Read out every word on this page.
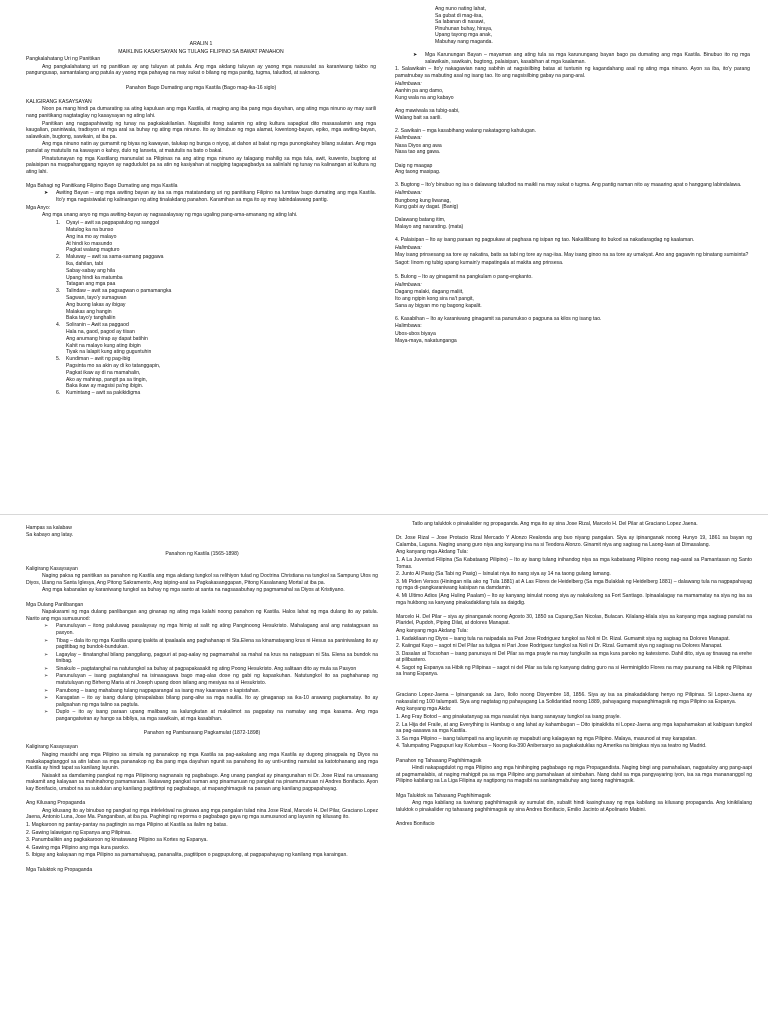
ARALIN 1
MAIKLING KASAYSAYAN NG TULANG FILIPINO SA BAWAT PANAHON
Pangkalahatang Uri ng Panitikan
Ang pangkalahatang uri ng panitikan ay ang tuluyan at patula. Ang mga akdang tuluyan ay yaong mga nasusulat sa karaniwang takbo ng pangungusap, samantalang ang patula ay yaong mga pahayag na may sukat o bilang ng mga pantig, tugma, taludtod, at saknong.
Panahon Bago Dumating ang mga Kastila (Bago mag-ika-16 siglo)
KALIGIRANG KASAYSAYAN
Noon pa mang hindi pa dumarating sa ating kapuluan ang mga Kastila, at maging ang iba pang mga dayuhan, ang ating mga ninuno ay may sarili nang panitikang nagtataglay ng kasaysayan ng ating lahi.
Panitikan ang nagpapahiwatig ng tunay na pagkakakilanlan. Nagsisilbi itong salamin ng ating kultura sapagkat dito masasalamin ang mga kaugalian, paniniwala, tradisyon at mga aral sa buhay ng ating mga ninuno. Ito ay binubuo ng mga alamat, kwentong-bayan, epiko, mga awiting-bayan, salawikain, bugtong, sawikain, at iba pa.
Ang mga ninuno natin ay gumamit ng biyas ng kawayan, talukap ng bunga o niyog, at dahon at balat ng mga punongkahoy bilang sulatan. Ang mga panulat ay matutulis na kawayan o kahoy, dulo ng lanseta, at matutulis na bato o bakal.
Pinatutunayan ng mga Kastilang manunulat sa Pilipinas na ang ating mga ninuno ay talagang mahilig sa mga tula, awit, kuwento, bugtong at palaisipan na magpahanggang ngayon ay nagdudulot pa sa atin ng kasiyahan at nagiging tagapagbadya sa salinlahi ng tunay na kalinangan at kultura ng ating lahi.
Mga Bahagi ng Panitikang Filipino Bago Dumating ang mga Kastila
➤ Awiting Bayan – ang mga awiting bayan ay isa sa mga matatandang uri ng panitikang Filipino na lumitaw bago dumating ang mga Kastila. Ito'y mga nagsisiwalat ng kalinangan ng ating tinalakdang panahon. Karamihan sa mga ito ay may labindalawang pantig.
Mga Anyo:
Ang mga unang anyo ng mga awiting-bayan ay nagsasalaysay ng mga ugaling pang-ama-amanang ng ating lahi.
1. Oyayi – awit sa pagpapatulog ng sanggol
Matulog ka na bunso
Ang ina mo ay malayo
At hindi ko masundo
Pagkat walang magturo
2. Maluway – awit sa sama-samang paggawa
Ika, dahilan, tabi
Sabay-sabay ang hila
Upang hindi ka matumba
Tatagan ang mga paa
3. Talindaw – awit sa pagsagwan o pamamangka
Sagwan, tayo'y sumagwan
Ang buong lakas ay ibigay
Malakas ang hangin
Baka tayo'y tanghaliin
4. Soliranin – Awit sa paggaod
Hala na, gaod, pagod ay tiisan
Ang anumang hirap ay dapat batihin
Kahit na malayo kung ating ibigin
Tiyak na lalapit kung ating guguntuhin
5. Kundiman – awit ng pag-ibig
Pagsinta mo sa akin ay di ko tatanggapin,
Pagkat ikaw ay di na mamahalin,
Ako ay mahirap, pangit pa sa tingin,
Baka ikaw ay magsisi pa'ng ibigin.
6. Kumintang – awit sa pakikidigma
Ang nuno nating lahat,
Sa gubat di mag-iisa,
Sa labanan di nasawi,
Pinuhunan buhay, hiraya,
Upang tayong mga anak,
Mabuhay nang maganda.
➤ Mga Karunungan Bayan – mayaman ang ating tula sa mga karunungang bayan bago pa dumating ang mga Kastila. Binubuo ito ng mga salawikain, sawikain, bugtong, palaisipan, kasabihan at mga kaalaman.
1. Salawikain – Ito'y nakagawian nang sabihin at nagsisilbing batas at tuntunin ng kagandahang asal ng ating mga ninuno. Ayon sa iba, ito'y parang pamatnubay sa mabuting asal ng isang tao. Ito ang nagsisilbing gabay na pang-aral.
Halimbawa:
Aanhin pa ang damo,
Kung wala na ang kabayo
Ang mawiwala sa tubig-sabi,
Walang bait sa sarili.
2. Sawikain – mga kasabihang walang nakatagong kahulugan.
Halimbawa:
Nasa Diyos ang awa
Nasa tao ang gawa.
Daig ng maagap
Ang taong masipag.
3. Bugtong – Ito'y binubuo ng isa o dalawang taludtod na maikli na may sukat o tugma. Ang pantig naman nito ay maaaring apat o hanggang labindalawa.
Halimbawa:
Bungbong kung liwanag,
Kung gabi ay dagat. (Banig)
Dalawang batang itim,
Malayo ang nararating. (mata)
4. Palaisipan – Ito ay isang paraan ng pagpukaw at paghasa ng isipan ng tao. Nakalilibang ito bukod sa nakadaragdag ng kaalaman.
Halimbawa:
May isang prinsesang sa tore ay nakatira, batis sa tabi ng tore ay nag-iisa. May isang ginoo na sa tore ay umakyat. Ano ang gagawin ng binatang sumisinta?
Sagot: Iinom ng tubig upang kumain'y mapatingala at makita ang prinsesa.
5. Bulong – Ito ay ginagamit na pangkulam o pang-engkanto.
Halimbawa:
Dagang malaki, dagang maliit,
Ito ang ngipin kong sira na't pangit,
Sana ay bigyan mo ng bagong kapalit.
6. Kasabihan – Ito ay karaniwang ginagamit sa panunukso o pagpuna sa kilos ng isang tao.
Halimbawa:
Ubos-ubos biyaya
Maya-maya, nakatunganga
Hampas sa kalabaw
Sa kabayo ang latay.
Panahon ng Kastila (1565-1898)
Kaligirang Kasaysayan
Naging paksa ng panitikan sa panahon ng Kastila ang mga akdang tungkol sa relihiyon tulad ng Doctrina Christiana na tungkol sa Sampung Utos ng Diyos, Ulang na Santa Iglesya, Ang Pitong Sakramento, Ang isiping-aral sa Pagkakasanggapan, Pitong Kasalanang Mortal at iba pa.
Ang mga kabanalan ay karaniwang tungkol sa buhay ng mga santo at santa na nagsasabuhay ng pagmamahal sa Diyos at Kristiyano.
Mga Dulang Panlibangan
Napakarami ng mga dulang panlibangan ang ginanap ng ating mga kalahi noong panahon ng Kastila. Halos lahat ng mga dulang ito ay patula. Narito ang mga sumusunod:
➢ Panunuluyan – itong paluluwag pasalaysay ng mga himig at salit ng ating Panginoong Hesukristo. Mahalagang aral ang natatagpuan sa paxyon.
➢ Tibag – dala ito ng mga Kastila upang ipakita at ipaalaala ang paghahanap ni Sta.Elena sa kinamatayang krus ni Hesus sa paniniwalang ito ay pagtitibag ng bundok-bundukan.
➢ Lagaylay – itinatanghal bilang panggilang, pagpuri at pag-aalay ng pagmamahal sa mahal na krus na natagpuan ni Sta. Elena sa bundok na tinibag.
➢ Sinakulo – pagtatanghal na natutungkol sa buhay at pagpapakasakit ng ating Poong Hesukristo. Ang salitaan dito ay mula sa Pasyon
➢ Panunuluyan – isang pagtatanghal na isinasagawa bago mag-alas dose ng gabi ng kapaskuhan. Natutungkol ito sa paghahanap ng matutuluyan ng Birheng Maria at ni Joseph upang doon isilang ang mesiyas na si Hesukristo.
➢ Panubong – isang mahabang tulang nagpaparangal sa isang may kaarawan o kapistahan.
➢ Karagatan – ito ay isang dulang ipinapalabas bilang pang-aliw sa mga naulila. Ito ay ginaganap sa ika-10 arawang pagkamatay. Ito ay paligsahan ng mga talino sa pagtula.
➢ Duplo – ito ay isang paraan upang malibang sa kalungkutan at makalimot sa pagpatay na namatay ang mga kasama. Ang mga pangangatwiran ay hango sa bibliya, sa mga sawikain, at mga kasabihan.
Panahon ng Pambansang Pagkamulat (1872-1898)
Kaligirang Kasaysayan
Naging masidhi ang mga Pilipino sa simula ng pananakop ng mga Kastila sa pag-aakalang ang mga Kastila ay dugong pinagpala ng Diyos na makakapagtanggol sa atin laban sa mga pananakop ng iba pang mga dayuhan ngunit sa panahong ito ay unti-unting namulat sa katotohanang ang mga Kastila ay hindi tapat sa kanilang layunin.
Naisakit sa damdaming pangkat ng mga Pilipinong nagnanais ng pagbabago. Ang unang pangkat ay pinangunahan ni Dr. Jose Rizal na umaasang makamit ang kalayaan sa mahinahong pamamaraan. Ikalawang pangkat naman ang pinamunuan ng pangkat na pinamumunuan ni Andres Bonifacio. Ayon kay Bonifacio, umabot na sa sukdulan ang kanilang pagtitimpi ng pagbabago, at mapanghimagsik na paraan ang kanilang pagpapahayag.
Ang Kilusang Propaganda
Ang kilusang ito ay binubuo ng pangkat ng mga intelektwal na ginawa ang mga pangalan tulad nina Jose Rizal, Marcelo H. Del Pilar, Graciano Lopez Jaena, Antonio Luna, Jose Ma. Panganiban, at iba pa. Paghingi ng reporma o pagbabago gaya ng mga sumusunod ang layunin ng kilusang ito.
1. Magkaroon ng pantay-pantay na pagtingin sa mga Pilipino at Kastila sa ilalim ng batas.
2. Gawing lalawigan ng Espanya ang Pilipinas.
3. Panumbalikin ang pagkakaroon ng kinatawang Pilipino sa Kortes ng Espanya.
4. Gawing mga Pilipino ang mga kura paroko.
5. Ibigay ang kalayaan ng mga Pilipino sa pamamahayag, pananalita, pagtitipon o pagpupulong, at pagpapahayag ng kanilang mga karaingan.
Mga Taluktok ng Propaganda
Tatlo ang taluktok o pinakalider ng propaganda. Ang mga ito ay sina Jose Rizal, Marcelo H. Del Pilar at Graciano Lopez Jaena.
Dr. Jose Rizal – Jose Protacio Rizal Mercado Y Alonzo Realonda ang buo niyang pangalan. Siya ay ipinanganak noong Hunyo 19, 1861 sa bayan ng Calamba, Laguna. Naging unang guro niya ang kanyang ina na si Teodora Alonzo. Ginamit niya ang sagisag na Laong-laan at Dimasalang.
Ang kanyang mga Akdang Tula:
1. A La Juventud Filipina (Sa Kabataang Pilipino) – Ito ay isang tulang inihandog niya sa mga kabataang Pilipino noong nag-aaral sa Pamantasan ng Santo Tomas.
2. Junto Al Pasig (Sa Tabi ng Pasig) – Isinulat niya ito nang siya ay 14 na taong gulang lamang.
3. Mi Piden Versos (Hiningan nila ako ng Tula 1881) at A Las Flores de Heidelberg (Sa mga Bulaklak ng Heidelberg 1881) – dalawang tula na nagpapahayag ng mga di-pangkaraniwang kaisipan na damdamin.
4. Mi Ultimo Adios (Ang Huling Paalam) – Ito ay kanyang isinulat noong siya ay nakakulong sa Fort Santiago. Ipinaalalagay na mamamatay na siya ng isa sa mga hukbong sa kanyang pinakadakilang tula sa daigdig.
Marcelo H. Del Pilar – siya ay pinanganak noong Agosto 30, 1850 sa Cupang,San Nicolas, Bulacan. Kilalang-kilala siya sa kanyang mga sagisag panulat na Plaridel, Pupdoh, Piping Dilat, at dolores Manapat.
Ang kanyang mga Akdang Tula:
1. Kadakilaan ng Diyos – isang tula na naipadala sa Pari Jose Rodriguez tungkol sa Noli ni Dr. Rizal. Gumamit siya ng sagisag na Dolores Manapat.
2. Kaiingat Kayo – sagot ni Del Pilar sa tuligsa ni Pari Jose Rodriguez tungkol sa Noli ni Dr. Rizal. Gumamit siya ng sagisag na Dolores Manapat.
3. Dasalan at Tocsohan – isang panunuya ni Del Pilar sa mga prayle na may tungkulin sa mga kura paroko ng katesismo. Dahil dito, siya ay tinawag na erehe at pilibustero.
4. Sagot ng Espanya sa Hibik ng Pilipinas – sagot ni del Pilar sa tula ng kanyang dating guro na si Herminigildo Flores na may paunang na Hibik ng Pilipinas sa Inang Espanya.
Graciano Lopez-Jaena – Ipinanganak sa Jaro, Iloilo noong Disyembre 18, 1856. Siya ay isa sa pinakadakilang henyo ng Pilipinas. Si Lopez-Jaena ay nakasulat ng 100 talumpati. Siya ang nagtatag ng pahayagang La Solidaridad noong 1889, pahayagang mapanghimagsik ng mga Pilipino sa Espanya.
Ang kanyang mga Akda:
1. Ang Fray Botod – ang pinakatanyag sa mga nasulat niya isang sanaysay tungkol sa isang prayle.
2. La Hija del Fraile, at ang Everything is Hambug o ang lahat ay kahambugan – Dito ipinakikita ni Lopez-Jaena ang mga kapahamakan at kabiguan tungkol sa pag-aasawa sa mga Kastila.
3. Sa mga Pilipino – isang talumpati na ang layunin ay mapabuti ang kalagayan ng mga Pilipino. Malaya, masunod at may karapatan.
4. Talumpating Pagpupuri kay Kolumbus – Noong ika-390 Anibersaryo sa pagkakatuklas ng Amerika na binigkas niya sa teatro ng Madrid.
Panahon ng Tahasang Paghihimagsik
Hindi nakapagdulot ng mga Pilipino ang mga hinihinging pagbabago ng mga Propagandista. Naging bingi ang pamahalaan, nagpatuloy ang pang-aapi at pagmamalabis, at naging mahigpit pa sa mga Pilipino ang pamahalaan at simbahan. Nang dahil sa mga pangyayaring iyon, isa sa mga manananggol ng Pilipino kabilang sa La Liga Filipina ay nagtipong na magsibi na sanlangmabuhay ang taong naghimagsik.
Mga Taluktok sa Tahasang Paghihimagsik
Ang mga kabilang sa tuwirang paghihimagsik ay sumulat din, subalit hindi kasinghusay ng mga kabilang sa kilusang propaganda. Ang kinikilalang taluktok o pinakalider ng tahasang paghihimagsik ay sina Andres Bonifacio, Emilio Jacinto at Apolinario Mabini.
Andres Bonifacio
